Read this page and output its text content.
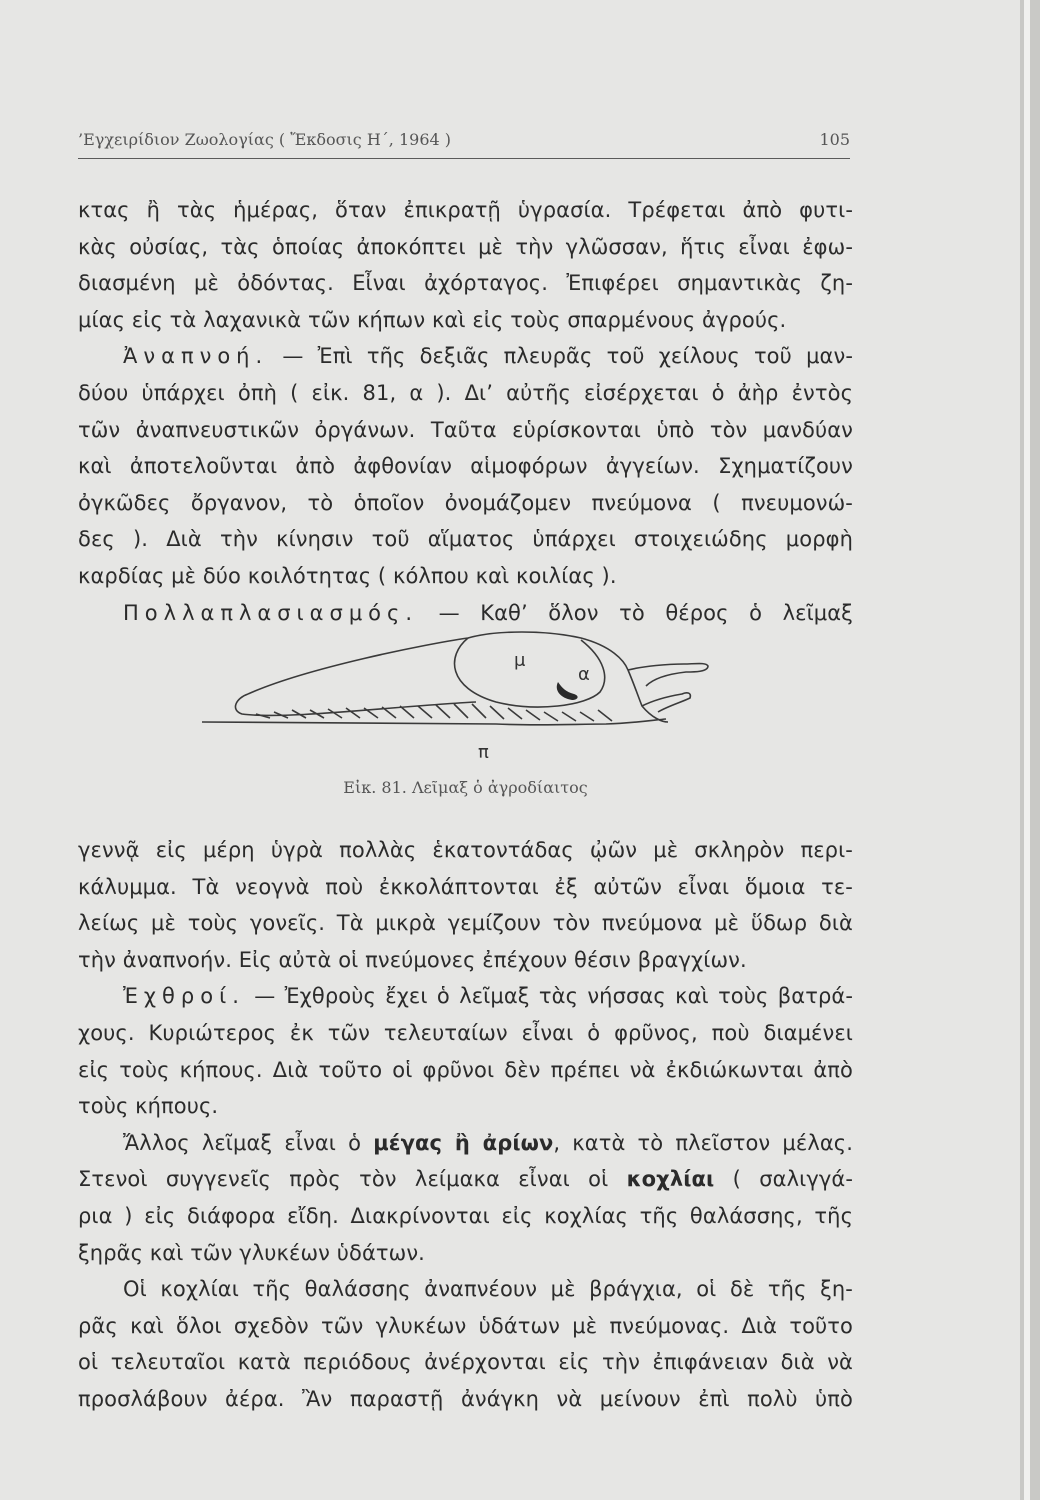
’Εγχειρίδιον Ζωολογίας ( Ἔκδοσις Η΄, 1964 )	105
κτας ἢ τὰς ἡμέρας, ὅταν ἐπικρατῇ ὑγρασία. Τρέφεται ἀπὸ φυτι-
κὰς οὐσίας, τὰς ὁποίας ἀποκόπτει μὲ τὴν γλῶσσαν, ἥτις εἶναι ἐφω-
διασμένη μὲ ὀδόντας. Εἶναι ἀχόρταγος. Ἐπιφέρει σημαντικὰς ζη-
μίας εἰς τὰ λαχανικὰ τῶν κήπων καὶ εἰς τοὺς σπαρμένους ἀγρούς.
Ἀναπνοή. — Ἐπὶ τῆς δεξιᾶς πλευρᾶς τοῦ χείλους τοῦ μαν-
δύου ὑπάρχει ὀπὴ ( εἰκ. 81, α ). Δι’ αὐτῆς εἰσέρχεται ὁ ἀὴρ ἐντὸς
τῶν ἀναπνευστικῶν ὀργάνων. Ταῦτα εὑρίσκονται ὑπὸ τὸν μανδύαν
καὶ ἀποτελοῦνται ἀπὸ ἀφθονίαν αἱμοφόρων ἀγγείων. Σχηματίζουν
ὀγκῶδες ὄργανον, τὸ ὁποῖον ὀνομάζομεν πνεύμονα ( πνευμονώ-
δες ). Διὰ τὴν κίνησιν τοῦ αἵματος ὑπάρχει στοιχειώδης μορφὴ
καρδίας μὲ δύο κοιλότητας ( κόλπου καὶ κοιλίας ).
Πολλαπλασιασμός. — Καθ’ ὅλον τὸ θέρος ὁ λεῖμαξ
μ
α
π
Εἰκ. 81. Λεῖμαξ ὁ ἀγροδίαιτος
γεννᾷ εἰς μέρη ὑγρὰ πολλὰς ἑκατοντάδας ᾠῶν μὲ σκληρὸν περι-
κάλυμμα. Τὰ νεογνὰ ποὺ ἐκκολάπτονται ἐξ αὐτῶν εἶναι ὅμοια τε-
λείως μὲ τοὺς γονεῖς. Τὰ μικρὰ γεμίζουν τὸν πνεύμονα μὲ ὕδωρ διὰ
τὴν ἀναπνοήν. Εἰς αὐτὰ οἱ πνεύμονες ἐπέχουν θέσιν βραγχίων.
Ἐχθροί. — Ἐχθροὺς ἔχει ὁ λεῖμαξ τὰς νήσσας καὶ τοὺς βατρά-
χους. Κυριώτερος ἐκ τῶν τελευταίων εἶναι ὁ φρῦνος, ποὺ διαμένει
εἰς τοὺς κήπους. Διὰ τοῦτο οἱ φρῦνοι δὲν πρέπει νὰ ἐκδιώκωνται ἀπὸ
τοὺς κήπους.
Ἄλλος λεῖμαξ εἶναι ὁ μέγας ἢ ἀρίων, κατὰ τὸ πλεῖστον μέλας.
Στενοὶ συγγενεῖς πρὸς τὸν λείμακα εἶναι οἱ κοχλίαι ( σαλιγγά-
ρια ) εἰς διάφορα εἴδη. Διακρίνονται εἰς κοχλίας τῆς θαλάσσης, τῆς
ξηρᾶς καὶ τῶν γλυκέων ὑδάτων.
Οἱ κοχλίαι τῆς θαλάσσης ἀναπνέουν μὲ βράγχια, οἱ δὲ τῆς ξη-
ρᾶς καὶ ὅλοι σχεδὸν τῶν γλυκέων ὑδάτων μὲ πνεύμονας. Διὰ τοῦτο
οἱ τελευταῖοι κατὰ περιόδους ἀνέρχονται εἰς τὴν ἐπιφάνειαν διὰ νὰ
προσλάβουν ἀέρα. Ἂν παραστῇ ἀνάγκη νὰ μείνουν ἐπὶ πολὺ ὑπὸ
